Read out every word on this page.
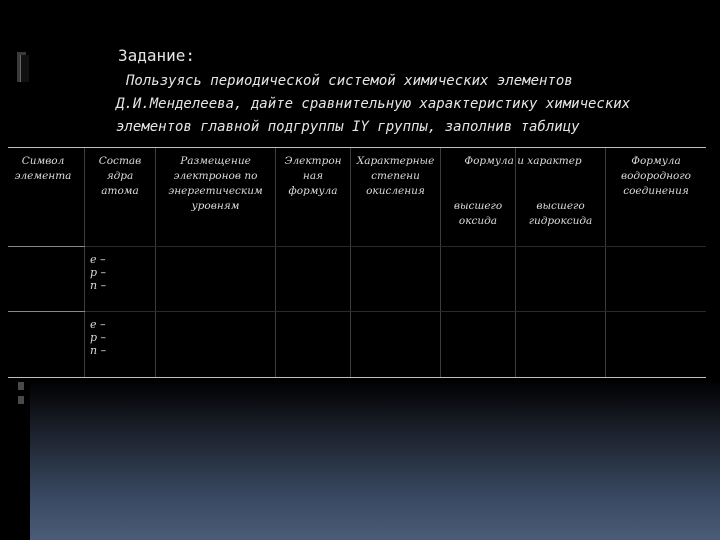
Задание:
Пользуясь периодической системой химических элементов
Д.И.Менделеева, дайте сравнительную характеристику химических
элементов главной подгруппы IY группы, заполнив таблицу
Символ
элемента
Состав
ядра
атома
Размещение
электронов по
энергетическим
уровням
Электрон
ная
формула
Характерные
степени
окисления
Формула и характер
высшего
оксида
высшего
гидроксида
Формула
водородного
соединения
е –
р –
n –
е –
р –
n –
